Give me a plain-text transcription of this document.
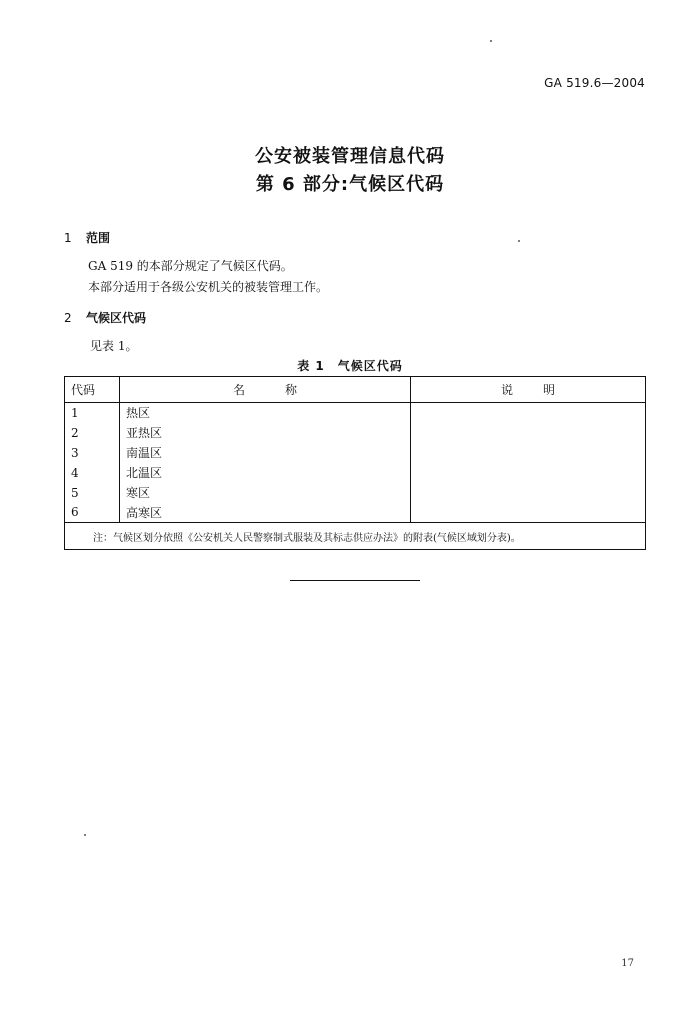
GA 519.6—2004
公安被装管理信息代码
第 6 部分:气候区代码
1 范围
GA 519 的本部分规定了气候区代码。
本部分适用于各级公安机关的被装管理工作。
2 气候区代码
见表 1。
表 1　气候区代码
代码	名称	说明
1	热区	
2	亚热区	
3	南温区	
4	北温区	
5	寒区	
6	高寒区	
注：气候区划分依照《公安机关人民警察制式服装及其标志供应办法》的附表(气候区域划分表)。		
17
